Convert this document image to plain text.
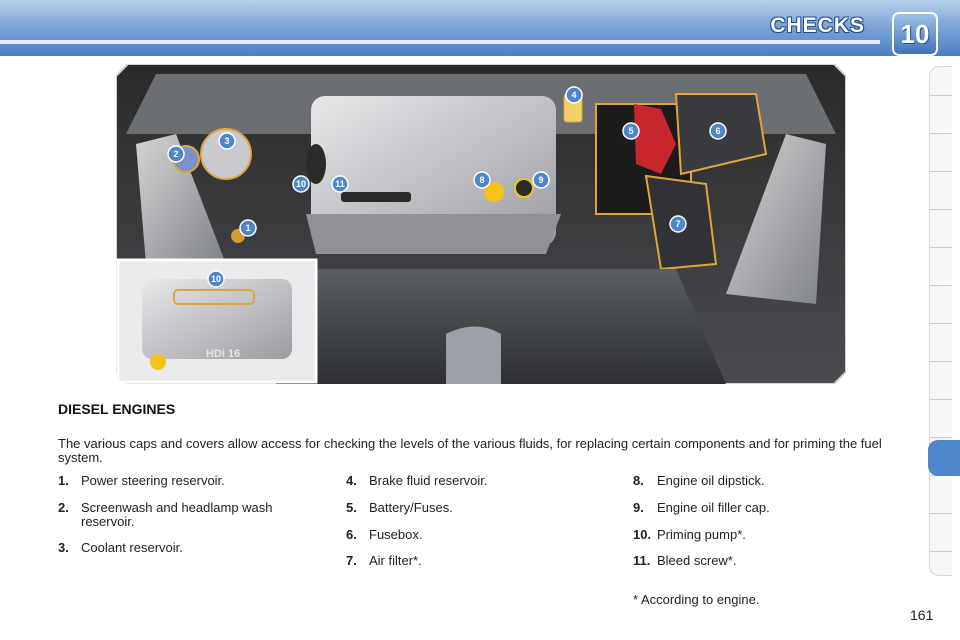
CHECKS 10
HDi 16
1
2
3
4
5	6
7
8	9
10	11
10
DIESEL ENGINES
The various caps and covers allow access for checking the levels of the various fluids, for replacing certain components and for priming the fuel system.
1. Power steering reservoir.
2. Screenwash and headlamp wash reservoir.
3. Coolant reservoir.
4. Brake fluid reservoir.
5. Battery/Fuses.
6. Fusebox.
7. Air filter*.
8.	Engine oil dipstick.
9.	Engine oil filler cap.
10. Priming pump*.
11. Bleed screw*.
* According to engine.
161
